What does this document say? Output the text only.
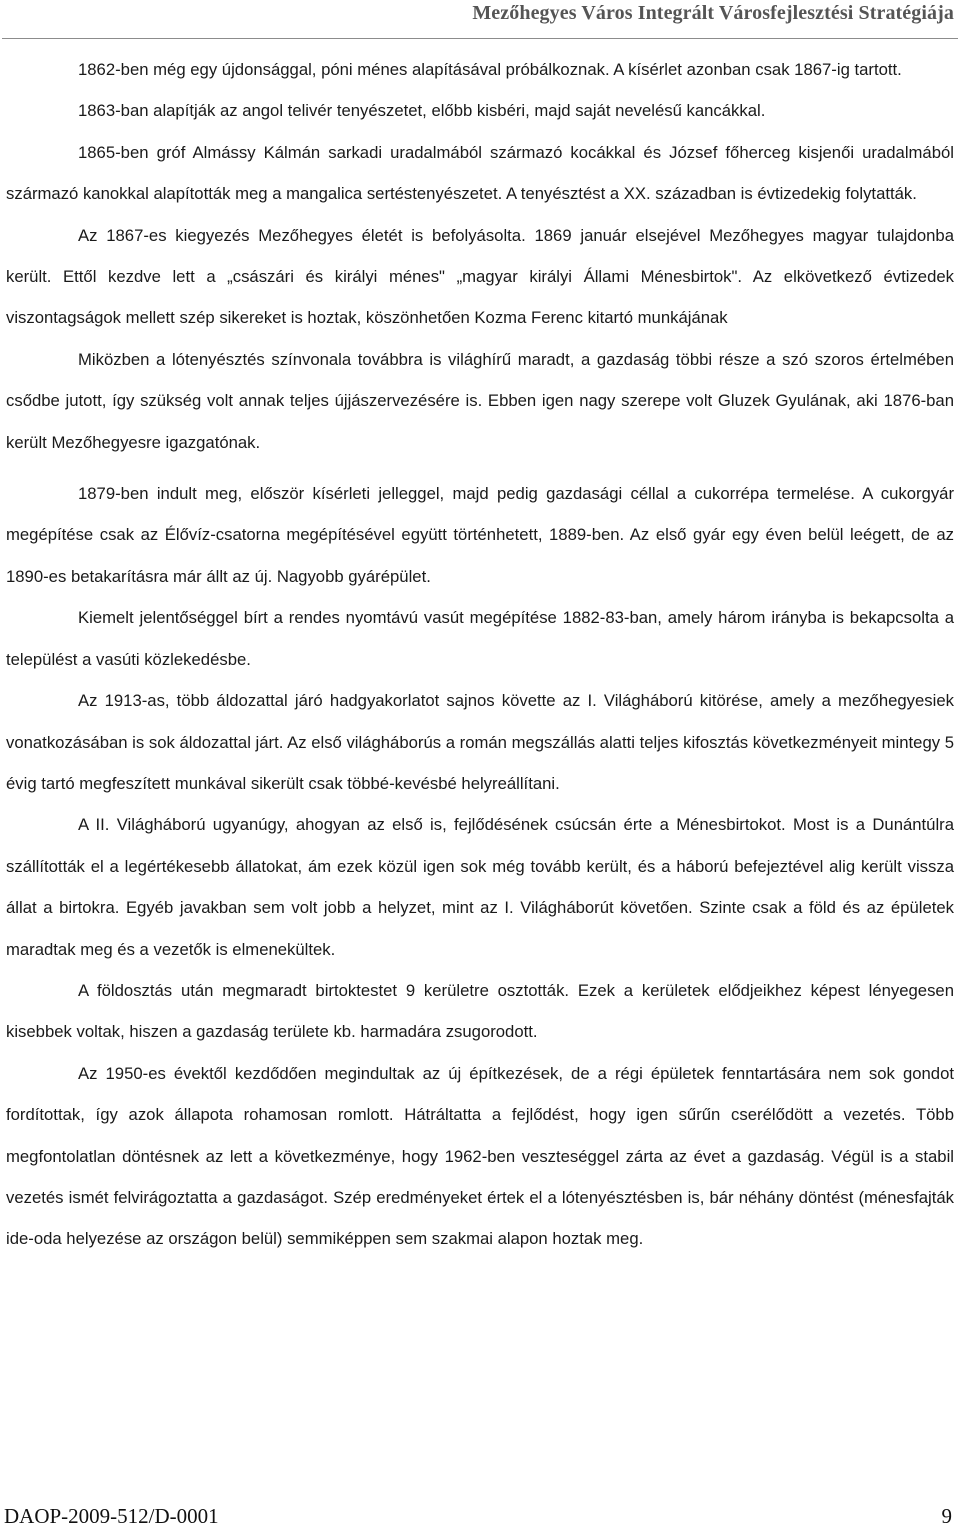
Mezőhegyes Város Integrált Városfejlesztési Stratégiája

1862-ben még egy újdonsággal, póni ménes alapításával próbálkoznak. A kísérlet azonban csak 1867-ig tartott.

1863-ban alapítják az angol telivér tenyészetet, előbb kisbéri, majd saját nevelésű kancákkal.

1865-ben gróf Almássy Kálmán sarkadi uradalmából származó kocákkal és József főherceg kisjenői uradalmából származó kanokkal alapították meg a mangalica sertéstenyészetet. A tenyésztést a XX. században is évtizedekig folytatták.

Az 1867-es kiegyezés Mezőhegyes életét is befolyásolta. 1869 január elsejével Mezőhegyes magyar tulajdonba került. Ettől kezdve lett a „császári és királyi ménes" „magyar királyi Állami Ménesbirtok". Az elkövetkező évtizedek viszontagságok mellett szép sikereket is hoztak, köszönhetően Kozma Ferenc kitartó munkájának

Miközben a lótenyésztés színvonala továbbra is világhírű maradt, a gazdaság többi része a szó szoros értelmében csődbe jutott, így szükség volt annak teljes újjászervezésére is. Ebben igen nagy szerepe volt Gluzek Gyulának, aki 1876-ban került Mezőhegyesre igazgatónak.

1879-ben indult meg, először kísérleti jelleggel, majd pedig gazdasági céllal a cukorrépa termelése. A cukorgyár megépítése csak az Élővíz-csatorna megépítésével együtt történhetett, 1889-ben. Az első gyár egy éven belül leégett, de az 1890-es betakarításra már állt az új. Nagyobb gyárépület.

Kiemelt jelentőséggel bírt a rendes nyomtávú vasút megépítése 1882-83-ban, amely három irányba is bekapcsolta a települést a vasúti közlekedésbe.

Az 1913-as, több áldozattal járó hadgyakorlatot sajnos követte az I. Világháború kitörése, amely a mezőhegyesiek vonatkozásában is sok áldozattal járt. Az első világháborús a román megszállás alatti teljes kifosztás következményeit mintegy 5 évig tartó megfeszített munkával sikerült csak többé-kevésbé helyreállítani.

A II. Világháború ugyanúgy, ahogyan az első is, fejlődésének csúcsán érte a Ménesbirtokot. Most is a Dunántúlra szállították el a legértékesebb állatokat, ám ezek közül igen sok még tovább került, és a háború befejeztével alig került vissza állat a birtokra. Egyéb javakban sem volt jobb a helyzet, mint az I. Világháborút követően. Szinte csak a föld és az épületek maradtak meg és a vezetők is elmenekültek.

A földosztás után megmaradt birtoktestet 9 kerületre osztották. Ezek a kerületek elődjeikhez képest lényegesen kisebbek voltak, hiszen a gazdaság területe kb. harmadára zsugorodott.

Az 1950-es évektől kezdődően megindultak az új építkezések, de a régi épületek fenntartására nem sok gondot fordítottak, így azok állapota rohamosan romlott. Hátráltatta a fejlődést, hogy igen sűrűn cserélődött a vezetés. Több megfontolatlan döntésnek az lett a következménye, hogy 1962-ben veszteséggel zárta az évet a gazdaság. Végül is a stabil vezetés ismét felvirágoztatta a gazdaságot. Szép eredményeket értek el a lótenyésztésben is, bár néhány döntést (ménesfajták ide-oda helyezése az országon belül) semmiképpen sem szakmai alapon hoztak meg.

DAOP-2009-512/D-0001	9
